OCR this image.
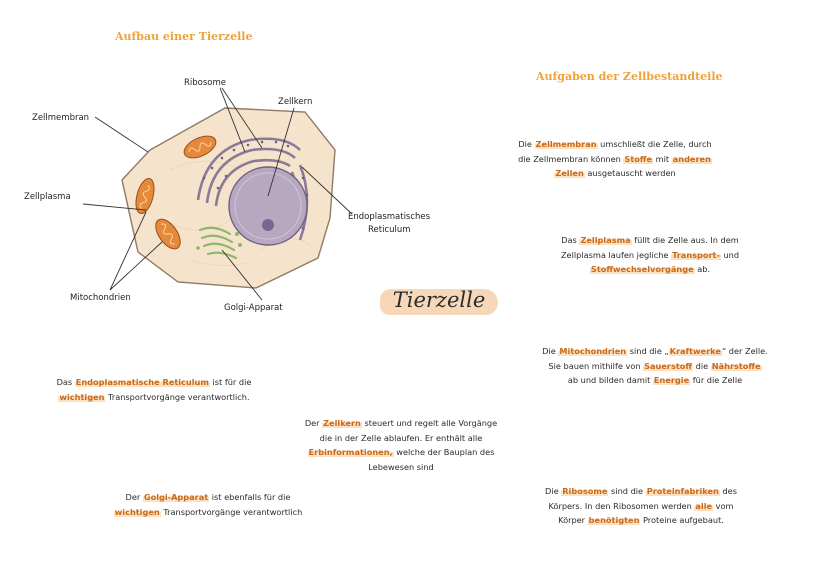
Aufbau einer Tierzelle
Aufgaben der Zellbestandteile
Ribosome
Zellkern
Zellmembran
Zellplasma
Endoplasmatisches
Reticulum
Mitochondrien
Golgi-Apparat	Tierzelle
Die Zellmembran umschließt die Zelle, durch
die Zellmembran können Stoffe mit anderen
Zellen ausgetauscht werden
Das Zellplasma füllt die Zelle aus. In dem
Zellplasma laufen jegliche Transport- und
Stoffwechselvorgänge ab.
Die Mitochondrien sind die „Kraftwerke“ der Zelle.
Sie bauen mithilfe von Sauerstoff die Nährstoffe
ab und bilden damit Energie für die Zelle
Das Endoplasmatische Reticulum ist für die
wichtigen Transportvorgänge verantwortlich.
Der Zellkern steuert und regelt alle Vorgänge
die in der Zelle ablaufen. Er enthält alle
Erbinformationen, welche der Bauplan des
Lebewesen sind
Der Golgi-Apparat ist ebenfalls für die
wichtigen Transportvorgänge verantwortlich
Die Ribosome sind die Proteinfabriken des
Körpers. In den Ribosomen werden alle vom
Körper benötigten Proteine aufgebaut.
